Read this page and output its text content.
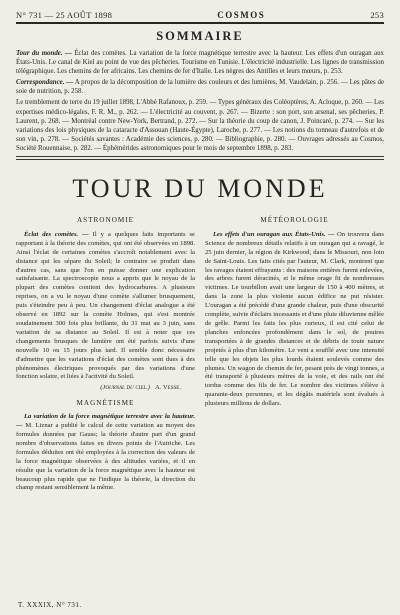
N° 731 — 25 AOÛT 1898	COSMOS	253
SOMMAIRE

Tour du monde. — Éclat des comètes. La variation de la force magnétique terrestre avec la hauteur. Les effets d'un ouragan aux États-Unis. Le canal de Kiel au point de vue des pêcheries. Tourisme en Tunisie. L'électricité industrielle. Les lignes de transmission télégraphique. Les chemins de fer africains. Les chemins de fer d'Italie. Les nègres des Antilles et leurs mœurs, p. 253.

Correspondance. — A propos de la décomposition de la lumière des couleurs et des lumières, M. Vaudelain, p. 256. — Les pâtes de soie de nutrition, p. 258.

Le tremblement de terre du 19 juillet 1898, L'Abbé Rafanoux, p. 259. — Types généraux des Coléoptères, A. Acloque, p. 260. — Les expertises médico-légales, F. R. M., p. 262. — L'électricité au couvent, p. 267. — Bizerte : son port, son arsenal, ses pêcheries, P. Laurent, p. 268. — Montréal contre New-York, Bertrand, p. 272. — Sur la théorie du coup de canon, J. Poincaré, p. 274. — Sur les variations des lois physiques de la cataracte d'Assouan (Haute-Égypte), Laroche, p. 277. — Les notions du tonneau d'autrefois et de son vin, p. 278. — Sociétés savantes : Académie des sciences, p. 280. — Bibliographie, p. 280. — Ouvrages adressés au Cosmos, Société Rouennaise, p. 282. — Éphémérides astronomiques pour le mois de septembre 1898, p. 283.

TOUR DU MONDE
ASTRONOMIE

Éclat des comètes. — Il y a quelques faits importants se rapportant à la théorie des comètes, qui ont été observées en 1898. Ainsi l'éclat de certaines comètes s'accroît notablement avec la distance qui les sépare du Soleil; le contraire se produit dans d'autres cas, sans que l'on en puisse donner une explication satisfaisante. La spectroscopie nous a appris que le noyau de la plupart des comètes contient des hydrocarbures. A plusieurs reprises, on a vu le noyau d'une comète s'allumer brusquement, puis s'éteindre peu à peu. Un changement d'éclat analogue a été observé en 1892 sur la comète Holmes, qui s'est montrée soudainement 300 fois plus brillante, du 31 mai au 3 juin, sans variation de sa distance au Soleil. Il est à noter que ces changements brusques de lumière ont été parfois suivis d'une nouvelle 10 ou 15 jours plus tard. Il semble donc nécessaire d'admettre que les variations d'éclat des comètes sont dues à des phénomènes électriques provoqués par des variations d'une fonction solaire, et liées à l'activité du Soleil.

(Journal du ciel.) A. Vesse.
MAGNÉTISME

La variation de la force magnétique terrestre avec la hauteur. — M. Liznar a publié le calcul de cette variation au moyen des formules données par Gauss; la théorie d'autre part d'un grand nombre d'observations faites en divers points de l'Autriche. Les formules déduites ont été employées à la correction des valeurs de la force magnétique observées à des altitudes variées, et il en résulte que la variation de la force magnétique avec la hauteur est beaucoup plus rapide que ne l'indique la théorie, la direction du champ restant sensiblement la même.

MÉTÉOROLOGIE

Les effets d'un ouragan aux États-Unis. — On trouvera dans Science de nombreux détails relatifs à un ouragan qui a ravagé, le 25 juin dernier, la région de Kirkwood, dans le Missouri, non loin de Saint-Louis. Les faits cités par l'auteur, M. Clark, montrent que les ravages étaient effrayants : des maisons entières furent enlevées, des arbres furent déracinés, et le même orage fit de nombreuses victimes. Le tourbillon avait une largeur de 150 à 400 mètres, et dans la zone la plus violente aucun édifice ne put résister. L'ouragan a été précédé d'une grande chaleur, puis d'une obscurité complète, suivie d'éclairs incessants et d'une pluie diluvienne mêlée de grêle. Parmi les faits les plus curieux, il est cité celui de planches enfoncées profondément dans le sol, de poutres transportées à de grandes distances et de débris de toute nature projetés à plus d'un kilomètre. Le vent a soufflé avec une intensité telle que les objets les plus lourds étaient soulevés comme des plumes. Un wagon de chemin de fer, pesant près de vingt tonnes, a été transporté à plusieurs mètres de la voie, et des rails ont été tordus comme des fils de fer. Le nombre des victimes s'élève à quarante-deux personnes, et les dégâts matériels sont évalués à plusieurs millions de dollars.

T. XXXIX, N° 731.
